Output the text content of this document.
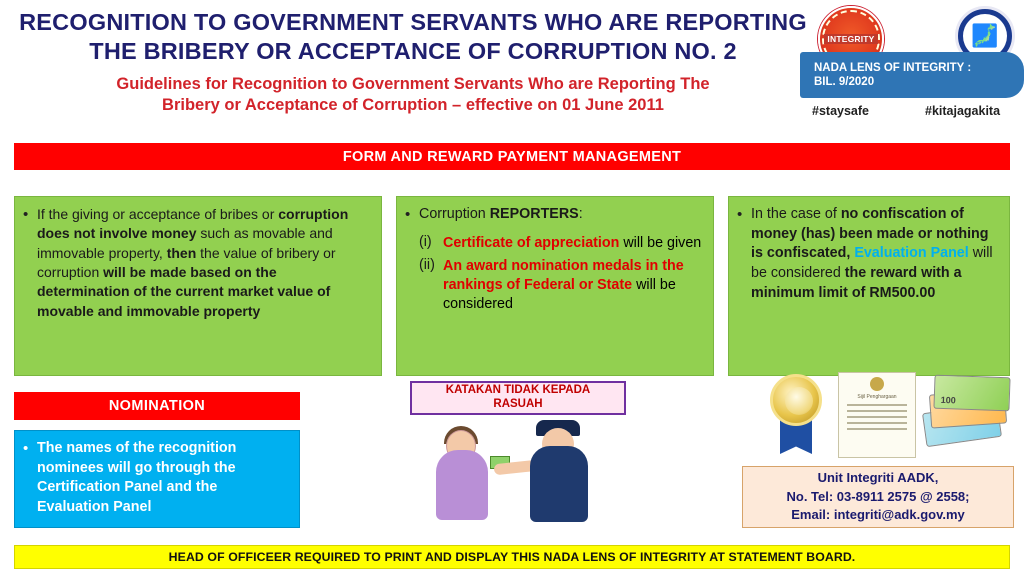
RECOGNITION TO GOVERNMENT SERVANTS WHO ARE REPORTING
THE BRIBERY OR ACCEPTANCE OF CORRUPTION NO. 2
Guidelines for Recognition to Government Servants Who are Reporting The
Bribery or Acceptance of Corruption – effective on 01 June 2011
INTEGRITY	🗾
NADA LENS OF INTEGRITY :
BIL. 9/2020
#staysafe	#kitajagakita
FORM AND REWARD PAYMENT MANAGEMENT
• If the giving or acceptance of bribes or corruption does not involve money such as movable and immovable property, then the value of bribery or corruption will be made based on the determination of the current market value of movable and immovable property
• Corruption REPORTERS:
(i) Certificate of appreciation will be given
(ii) An award nomination medals in the rankings of Federal or State will be considered
• In the case of no confiscation of money (has) been made or nothing is confiscated, Evaluation Panel will be considered the reward with a minimum limit of RM500.00
NOMINATION
• The names of the recognition nominees will go through the Certification Panel and the Evaluation Panel
KATAKAN TIDAK KEPADA
RASUAH
Sijil Penghargaan	100
Unit Integriti AADK,
No. Tel: 03-8911 2575 @ 2558;
Email: integriti@adk.gov.my
HEAD OF OFFICEER REQUIRED TO PRINT AND DISPLAY THIS NADA LENS OF INTEGRITY AT STATEMENT BOARD.
